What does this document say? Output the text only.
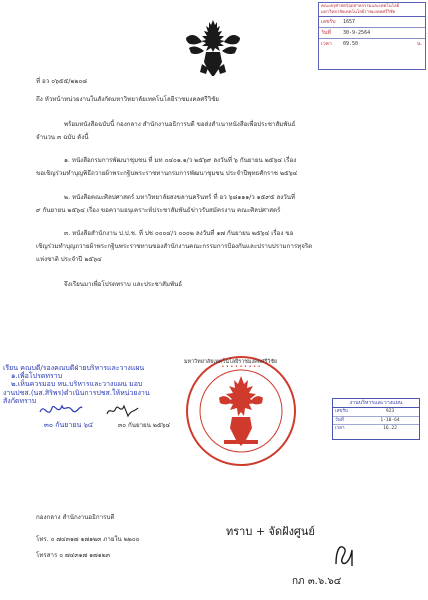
คณะครุศาสตร์อุตสาหกรรมและเทคโนโลยี มหาวิทยาลัยเทคโนโลยีราชมงคลศรีวิชัย
เลขรับ	1657
วันที่	30-9-2564
เวลา	09.50	น.
ที่ อว ๐๖๕๕/๒๒๐๘
ถึง หัวหน้าหน่วยงานในสังกัดมหาวิทยาลัยเทคโนโลยีราชมงคลศรีวิชัย
พร้อมหนังสือฉบับนี้ กองกลาง สำนักงานอธิการบดี ขอส่งสำเนาหนังสือเพื่อประชาสัมพันธ์
จำนวน ๓ ฉบับ ดังนี้
๑. หนังสือกรมการพัฒนาชุมชน ที่ มท ๐๔๐๑.๑/ว ๒๕๖๙ ลงวันที่ ๖ กันยายน ๒๕๖๔ เรื่อง
ขอเชิญร่วมทำบุญพิธีถวายผ้าพระกฐินพระราชทานกรมการพัฒนาชุมชน ประจำปีพุทธศักราช ๒๕๖๔
๒. หนังสือคณะศิลปศาสตร์ มหาวิทยาลัยสงขลานครินทร์ ที่ อว ๖๘๑๑๑/ว ๑๕๙๕ ลงวันที่
๙ กันยายน ๒๕๖๔ เรื่อง ขอความอนุเคราะห์ประชาสัมพันธ์ข่าวรับสมัครงาน คณะศิลปศาสตร์
๓. หนังสือสำนักงาน ป.ป.ช. ที่ ปช ๐๐๐๔/ว ๐๐๐๒ ลงวันที่ ๑๗ กันยายน ๒๕๖๔ เรื่อง ขอ
เชิญร่วมทำบุญถวายผ้าพระกฐินพระราชทานของสำนักงานคณะกรรมการป้องกันและปราบปรามการทุจริต
แห่งชาติ ประจำปี ๒๕๖๔
จึงเรียนมาเพื่อโปรดทราบ และประชาสัมพันธ์
เรียน คณบดี/รองคณบดีฝ่ายบริหารและวางแผน
๑.เพื่อโปรดทราบ
๒.เห็นควรมอบ หน.บริหารและวางแผน มอบ
งานปชส.(นส.สิริพร)ดำเนินการปชส.ให้หน่วยงาน
สังกัดทราบ
๓๐ กันยายน ๖๔	๓๐ กันยายน ๒๕๖๔
• • • • • • • • •
มหาวิทยาลัยเทคโนโลยีราชมงคลศรีวิชัย
งานบริหารและวางแผน
เลขรับ	923
วันที่	1-10-64
เวลา	16.22
กองกลาง สำนักงานอธิการบดี
โทร. ๐ ๗๔๓๑๗ ๑๗๑๒๓ ภายใน ๒๒๐๐
โทรสาร ๐ ๗๔๓๑๗ ๑๗๑๒๓
ทราบ + จัดฝ้งศูนย์
กภ ๓.๖.๖๔
